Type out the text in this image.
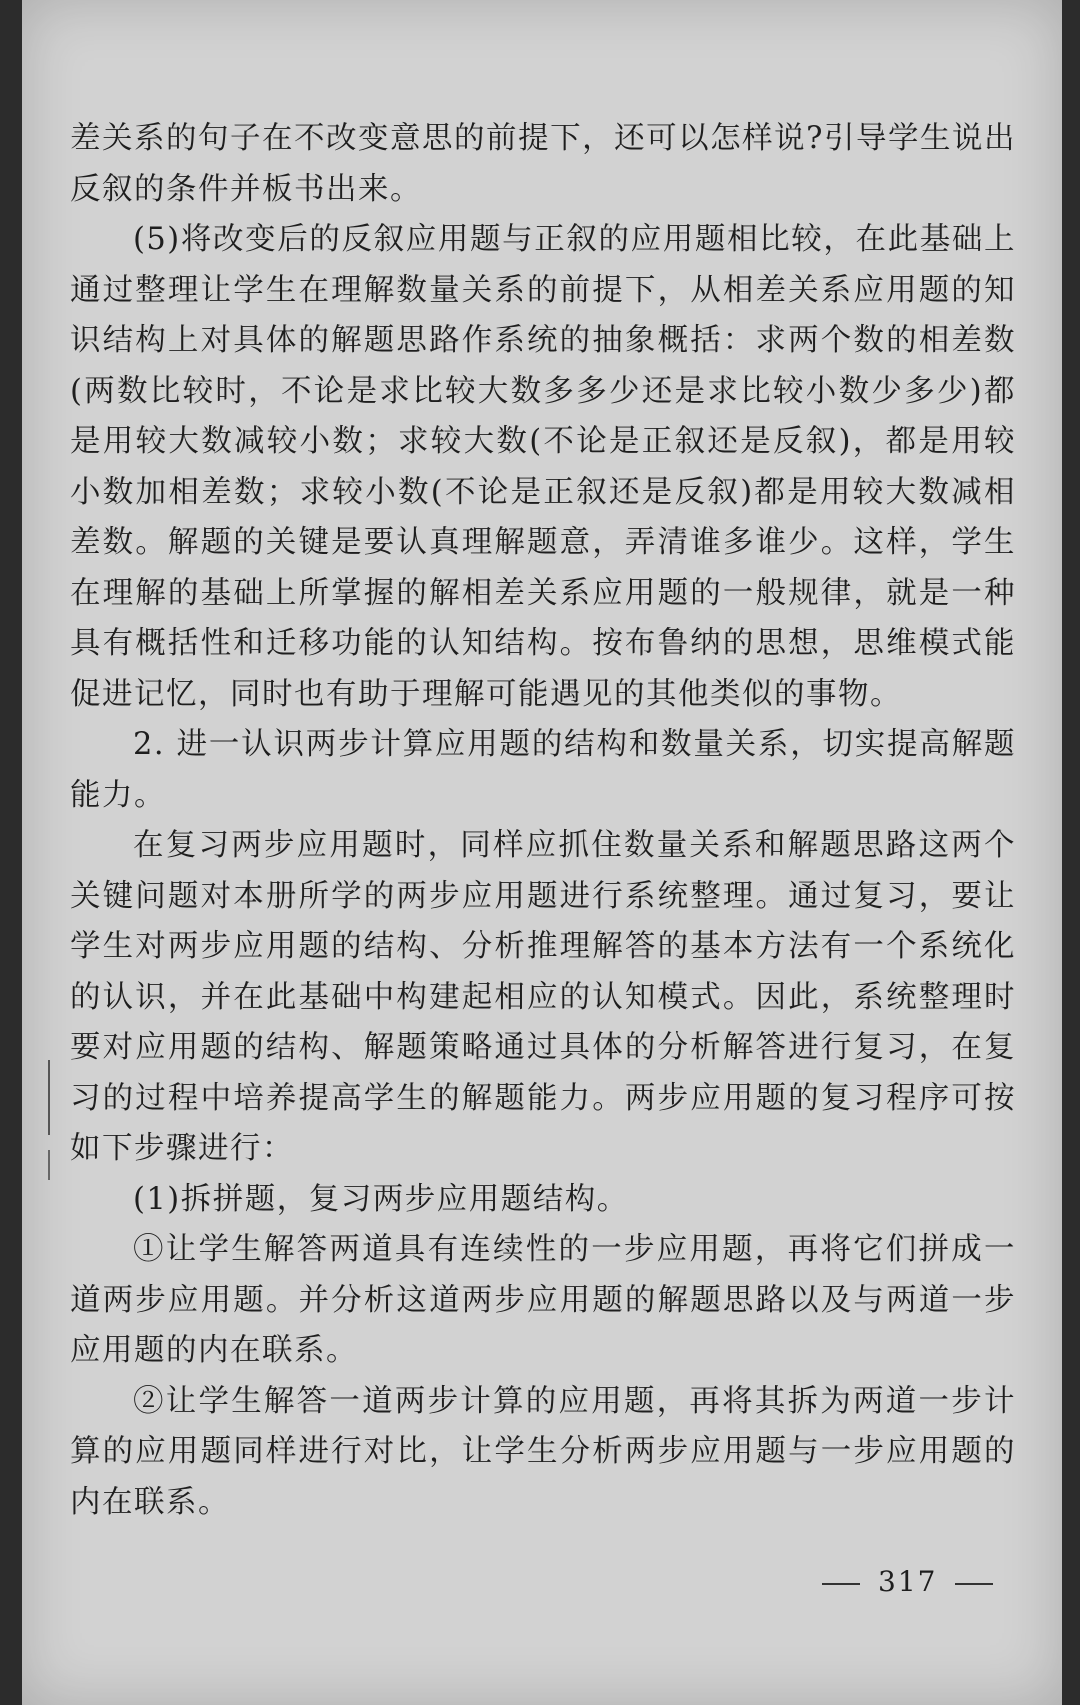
差关系的句子在不改变意思的前提下，还可以怎样说?引导学生说出反叙的条件并板书出来。

(5)将改变后的反叙应用题与正叙的应用题相比较，在此基础上通过整理让学生在理解数量关系的前提下，从相差关系应用题的知识结构上对具体的解题思路作系统的抽象概括：求两个数的相差数(两数比较时，不论是求比较大数多多少还是求比较小数少多少)都是用较大数减较小数；求较大数(不论是正叙还是反叙)，都是用较小数加相差数；求较小数(不论是正叙还是反叙)都是用较大数减相差数。解题的关键是要认真理解题意，弄清谁多谁少。这样，学生在理解的基础上所掌握的解相差关系应用题的一般规律，就是一种具有概括性和迁移功能的认知结构。按布鲁纳的思想，思维模式能促进记忆，同时也有助于理解可能遇见的其他类似的事物。

2. 进一认识两步计算应用题的结构和数量关系，切实提高解题能力。

在复习两步应用题时，同样应抓住数量关系和解题思路这两个关键问题对本册所学的两步应用题进行系统整理。通过复习，要让学生对两步应用题的结构、分析推理解答的基本方法有一个系统化的认识，并在此基础中构建起相应的认知模式。因此，系统整理时要对应用题的结构、解题策略通过具体的分析解答进行复习，在复习的过程中培养提高学生的解题能力。两步应用题的复习程序可按如下步骤进行：

(1)拆拼题，复习两步应用题结构。

①让学生解答两道具有连续性的一步应用题，再将它们拼成一道两步应用题。并分析这道两步应用题的解题思路以及与两道一步应用题的内在联系。

②让学生解答一道两步计算的应用题，再将其拆为两道一步计算的应用题同样进行对比，让学生分析两步应用题与一步应用题的内在联系。

317
